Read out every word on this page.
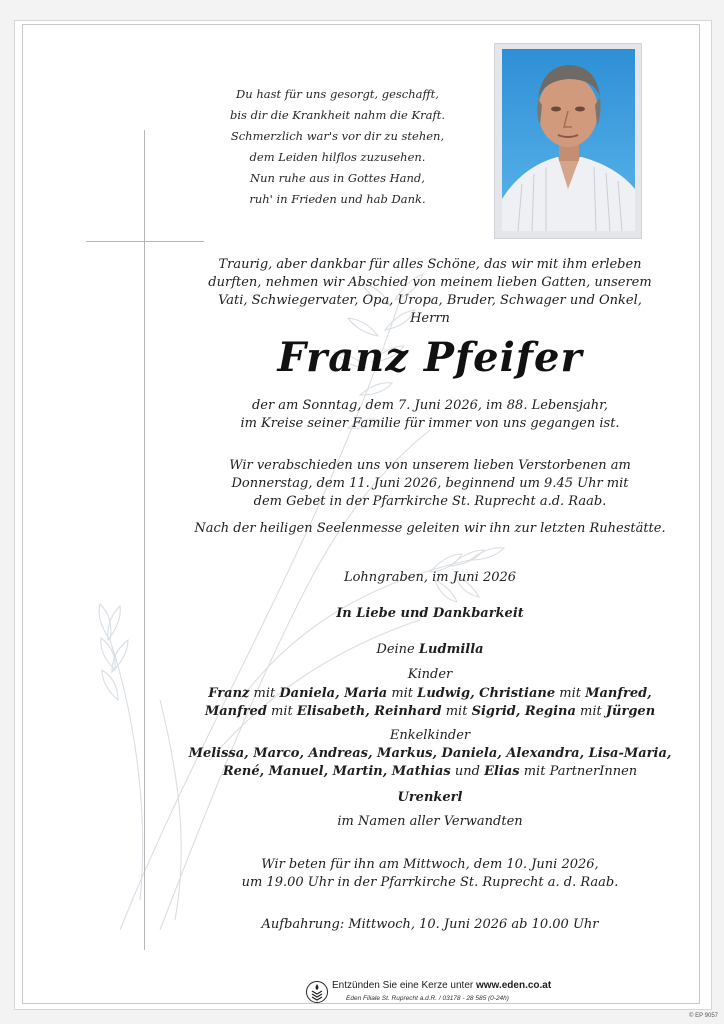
Du hast für uns gesorgt, geschafft,
bis dir die Krankheit nahm die Kraft.
Schmerzlich war's vor dir zu stehen,
dem Leiden hilflos zuzusehen.
Nun ruhe aus in Gottes Hand,
ruh' in Frieden und hab Dank.
Traurig, aber dankbar für alles Schöne, das wir mit ihm erleben
durften, nehmen wir Abschied von meinem lieben Gatten, unserem
Vati, Schwiegervater, Opa, Uropa, Bruder, Schwager und Onkel,
Herrn
Franz Pfeifer
der am Sonntag, dem 7. Juni 2026, im 88. Lebensjahr,
im Kreise seiner Familie für immer von uns gegangen ist.
Wir verabschieden uns von unserem lieben Verstorbenen am
Donnerstag, dem 11. Juni 2026, beginnend um 9.45 Uhr mit
dem Gebet in der Pfarrkirche St. Ruprecht a.d. Raab.
Nach der heiligen Seelenmesse geleiten wir ihn zur letzten Ruhestätte.
Lohngraben, im Juni 2026
In Liebe und Dankbarkeit
Deine Ludmilla
Kinder
Franz mit Daniela, Maria mit Ludwig, Christiane mit Manfred,
Manfred mit Elisabeth, Reinhard mit Sigrid, Regina mit Jürgen
Enkelkinder
Melissa, Marco, Andreas, Markus, Daniela, Alexandra, Lisa-Maria,
René, Manuel, Martin, Mathias und Elias mit PartnerInnen
Urenkerl
im Namen aller Verwandten
Wir beten für ihn am Mittwoch, dem 10. Juni 2026,
um 19.00 Uhr in der Pfarrkirche St. Ruprecht a. d. Raab.
Aufbahrung: Mittwoch, 10. Juni 2026 ab 10.00 Uhr
Entzünden Sie eine Kerze unter www.eden.co.at
Eden Filiale St. Ruprecht a.d.R. / 03178 - 28 585 (0-24h)
© EP 9057
